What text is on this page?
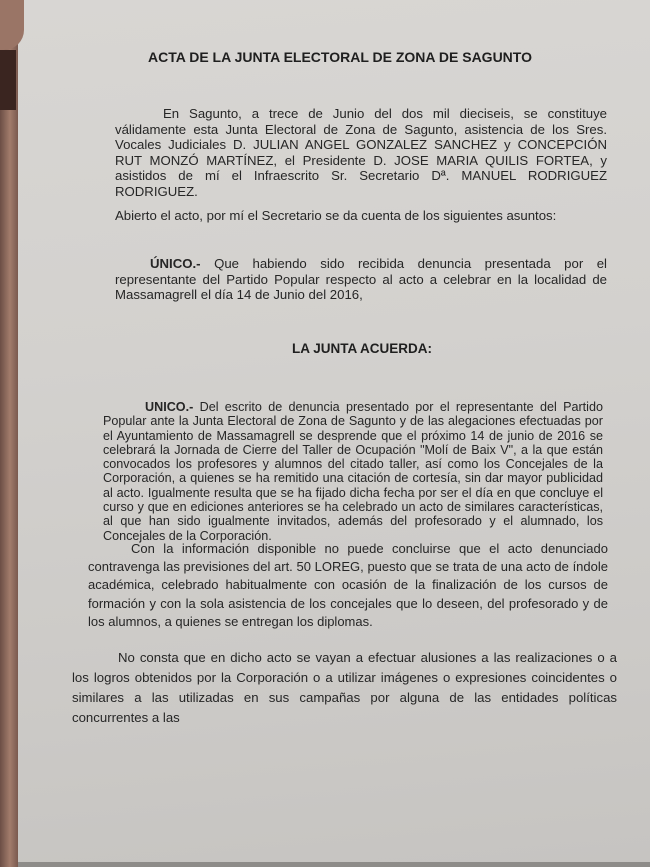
ACTA DE LA JUNTA ELECTORAL DE ZONA DE SAGUNTO
En Sagunto, a trece de Junio del dos mil dieciseis, se constituye válidamente esta Junta Electoral de Zona de Sagunto, asistencia de los Sres. Vocales Judiciales D. JULIAN ANGEL GONZALEZ SANCHEZ y CONCEPCIÓN RUT MONZÓ MARTÍNEZ, el Presidente D. JOSE MARIA QUILIS FORTEA, y asistidos de mí el Infraescrito Sr. Secretario Dª. MANUEL RODRIGUEZ RODRIGUEZ.
Abierto el acto, por mí el Secretario se da cuenta de los siguientes asuntos:
ÚNICO.- Que habiendo sido recibida denuncia presentada por el representante del Partido Popular respecto al acto a celebrar en la localidad de Massamagrell el día 14 de Junio del 2016,
LA JUNTA ACUERDA:
UNICO.- Del escrito de denuncia presentado por el representante del Partido Popular ante la Junta Electoral de Zona de Sagunto y de las alegaciones efectuadas por el Ayuntamiento de Massamagrell se desprende que el próximo 14 de junio de 2016 se celebrará la Jornada de Cierre del Taller de Ocupación "Molí de Baix V", a la que están convocados los profesores y alumnos del citado taller, así como los Concejales de la Corporación, a quienes se ha remitido una citación de cortesía, sin dar mayor publicidad al acto. Igualmente resulta que se ha fijado dicha fecha por ser el día en que concluye el curso y que en ediciones anteriores se ha celebrado un acto de similares características, al que han sido igualmente invitados, además del profesorado y el alumnado, los Concejales de la Corporación.
Con la información disponible no puede concluirse que el acto denunciado contravenga las previsiones del art. 50 LOREG, puesto que se trata de una acto de índole académica, celebrado habitualmente con ocasión de la finalización de los cursos de formación y con la sola asistencia de los concejales que lo deseen, del profesorado y de los alumnos, a quienes se entregan los diplomas.
No consta que en dicho acto se vayan a efectuar alusiones a las realizaciones o a los logros obtenidos por la Corporación o a utilizar imágenes o expresiones coincidentes o similares a las utilizadas en sus campañas por alguna de las entidades políticas concurrentes a las
